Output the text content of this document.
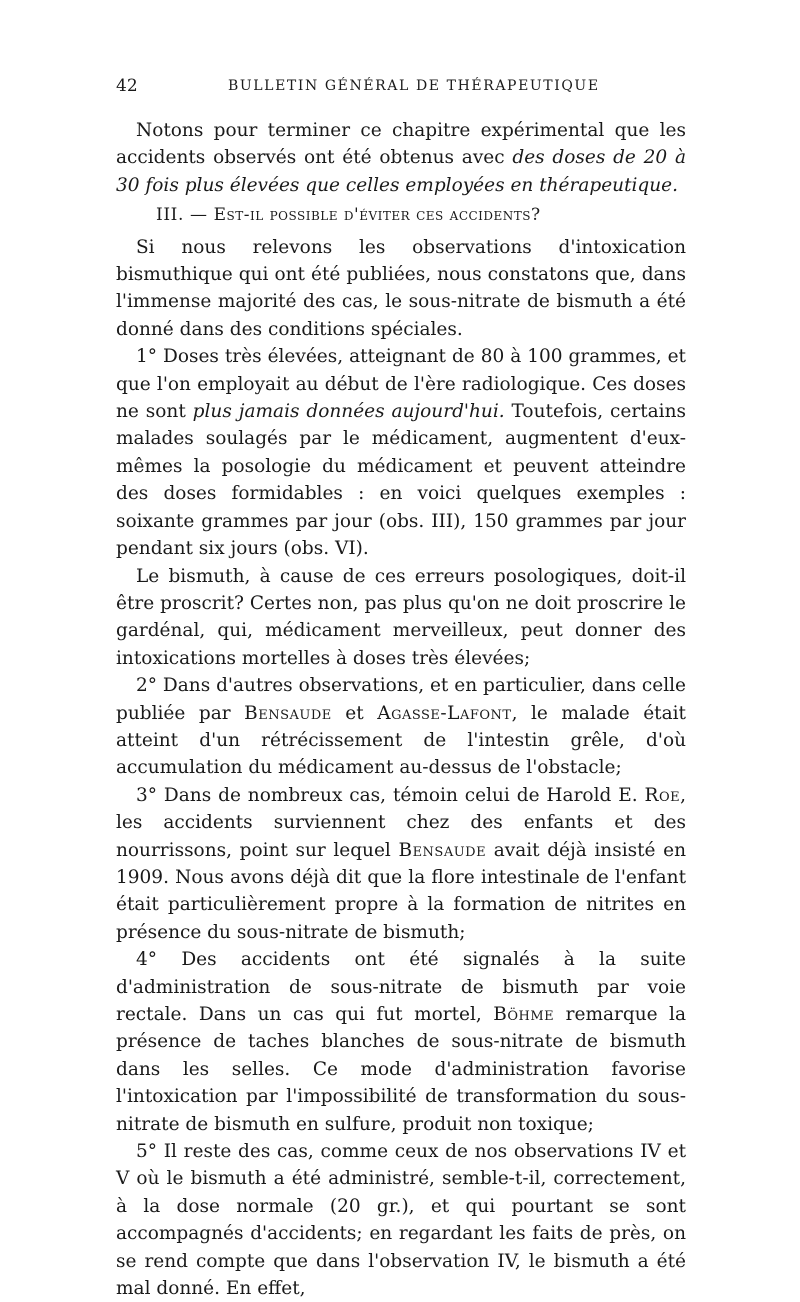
42	BULLETIN GÉNÉRAL DE THÉRAPEUTIQUE

Notons pour terminer ce chapitre expérimental que les accidents observés ont été obtenus avec des doses de 20 à 30 fois plus élevées que celles employées en thérapeutique.

III. — Est-il possible d'éviter ces accidents?

Si nous relevons les observations d'intoxication bismuthique qui ont été publiées, nous constatons que, dans l'immense majorité des cas, le sous-nitrate de bismuth a été donné dans des conditions spéciales.

1° Doses très élevées, atteignant de 80 à 100 grammes, et que l'on employait au début de l'ère radiologique. Ces doses ne sont plus jamais données aujourd'hui. Toutefois, certains malades soulagés par le médicament, augmentent d'eux-mêmes la posologie du médicament et peuvent atteindre des doses formidables : en voici quelques exemples : soixante grammes par jour (obs. III), 150 grammes par jour pendant six jours (obs. VI).

Le bismuth, à cause de ces erreurs posologiques, doit-il être proscrit? Certes non, pas plus qu'on ne doit proscrire le gardénal, qui, médicament merveilleux, peut donner des intoxications mortelles à doses très élevées;

2° Dans d'autres observations, et en particulier, dans celle publiée par Bensaude et Agasse-Lafont, le malade était atteint d'un rétrécissement de l'intestin grêle, d'où accumulation du médicament au-dessus de l'obstacle;

3° Dans de nombreux cas, témoin celui de Harold E. Roe, les accidents surviennent chez des enfants et des nourrissons, point sur lequel Bensaude avait déjà insisté en 1909. Nous avons déjà dit que la flore intestinale de l'enfant était particulièrement propre à la formation de nitrites en présence du sous-nitrate de bismuth;

4° Des accidents ont été signalés à la suite d'administration de sous-nitrate de bismuth par voie rectale. Dans un cas qui fut mortel, Böhme remarque la présence de taches blanches de sous-nitrate de bismuth dans les selles. Ce mode d'administration favorise l'intoxication par l'impossibilité de transformation du sous-nitrate de bismuth en sulfure, produit non toxique;

5° Il reste des cas, comme ceux de nos observations IV et V où le bismuth a été administré, semble-t-il, correctement, à la dose normale (20 gr.), et qui pourtant se sont accompagnés d'accidents; en regardant les faits de près, on se rend compte que dans l'observation IV, le bismuth a été mal donné. En effet,
